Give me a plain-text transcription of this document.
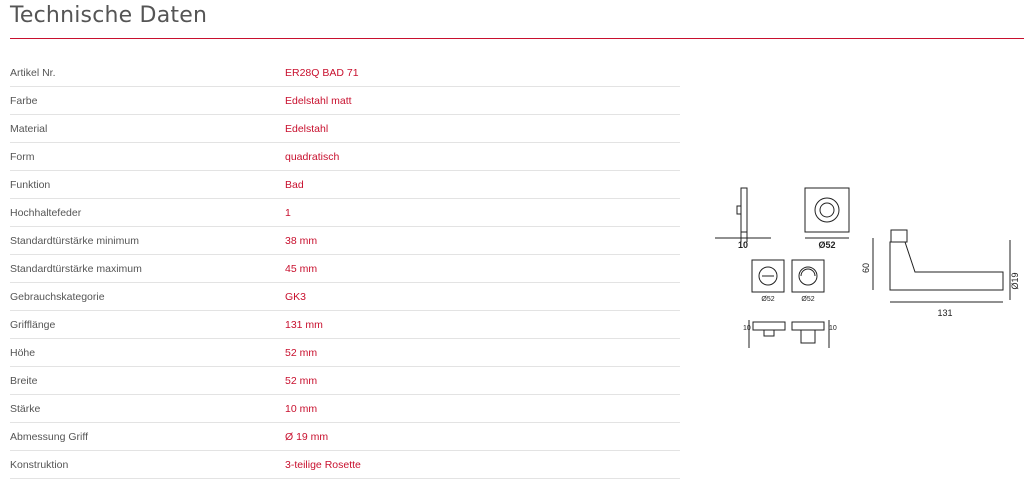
Technische Daten
Artikel Nr.	ER28Q BAD 71
Farbe	Edelstahl matt
Material	Edelstahl
Form	quadratisch
Funktion	Bad
Hochhaltefeder	1
Standardtürstärke minimum	38 mm
Standardtürstärke maximum	45 mm
Gebrauchskategorie	GK3
Grifflänge	131 mm
Höhe	52 mm
Breite	52 mm
Stärke	10 mm
Abmessung Griff	Ø 19 mm
Konstruktion	3-teilige Rosette
10	Ø52
Ø52	Ø52
10	10
60
131
Ø19
